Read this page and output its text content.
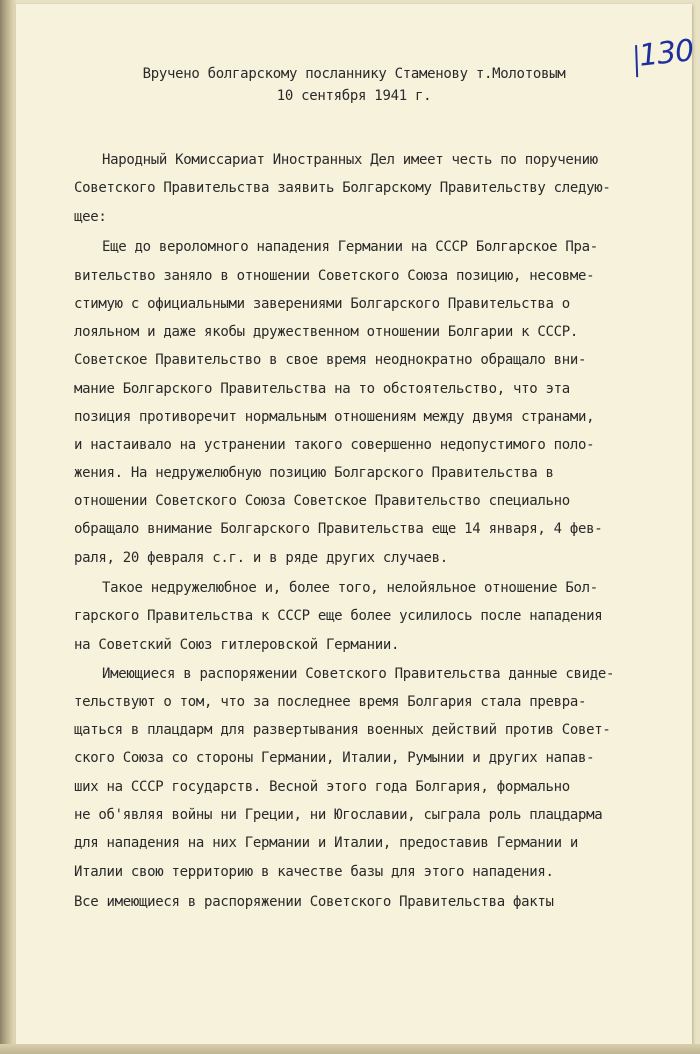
130
Вручено болгарскому посланнику Стаменову т.Молотовым
10 сентября 1941 г.
Народный Комиссариат Иностранных Дел имеет честь по поручению
Советского Правительства заявить Болгарскому Правительству следую-
щее:
Еще до вероломного нападения Германии на СССР Болгарское Пра-
вительство заняло в отношении Советского Союза позицию, несовме-
стимую с официальными заверениями Болгарского Правительства о
лояльном и даже якобы дружественном отношении Болгарии к СССР.
Советское Правительство в свое время неоднократно обращало вни-
мание Болгарского Правительства на то обстоятельство, что эта
позиция противоречит нормальным отношениям между двумя странами,
и настаивало на устранении такого совершенно недопустимого поло-
жения. На недружелюбную позицию Болгарского Правительства в
отношении Советского Союза Советское Правительство специально
обращало внимание Болгарского Правительства еще 14 января, 4 фев-
раля, 20 февраля с.г. и в ряде других случаев.
Такое недружелюбное и, более того, нелойяльное отношение Бол-
гарского Правительства к СССР еще более усилилось после нападения
на Советский Союз гитлеровской Германии.
Имеющиеся в распоряжении Советского Правительства данные свиде-
тельствуют о том, что за последнее время Болгария стала превра-
щаться в плацдарм для развертывания военных действий против Совет-
ского Союза со стороны Германии, Италии, Румынии и других напав-
ших на СССР государств. Весной этого года Болгария, формально
не об'являя войны ни Греции, ни Югославии, сыграла роль плацдарма
для нападения на них Германии и Италии, предоставив Германии и
Италии свою территорию в качестве базы для этого нападения.
Все имеющиеся в распоряжении Советского Правительства факты
